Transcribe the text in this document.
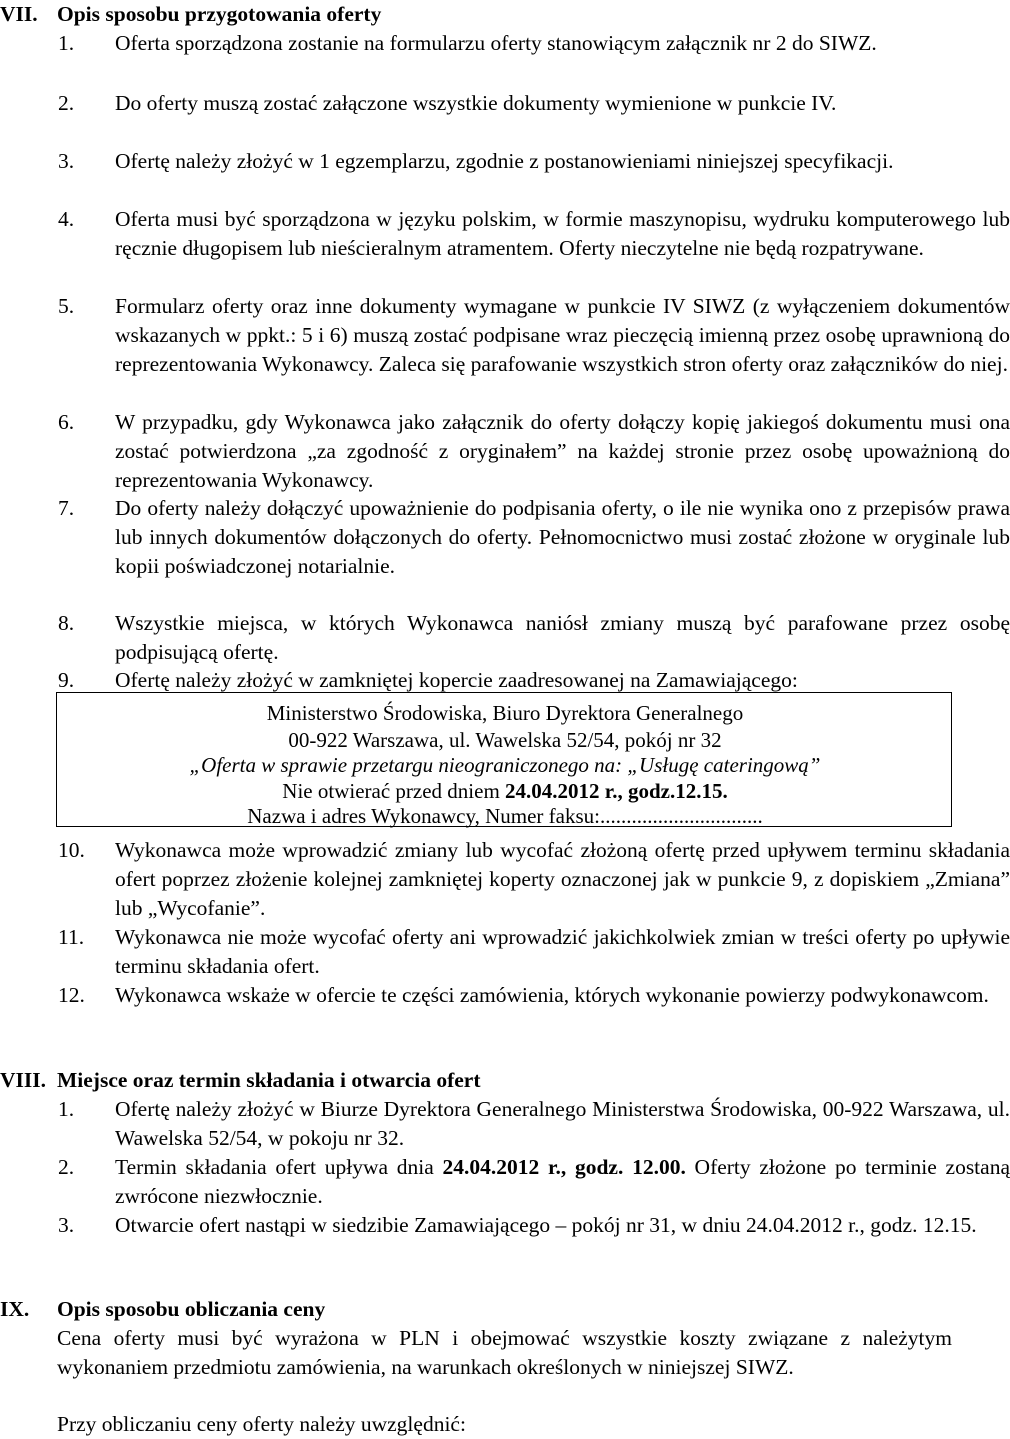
VII. Opis sposobu przygotowania oferty
1. Oferta sporządzona zostanie na formularzu oferty stanowiącym załącznik nr 2 do SIWZ.
2. Do oferty muszą zostać załączone wszystkie dokumenty wymienione w punkcie IV.
3. Ofertę należy złożyć w 1 egzemplarzu, zgodnie z postanowieniami niniejszej specyfikacji.
4. Oferta musi być sporządzona w języku polskim, w formie maszynopisu, wydruku komputerowego lub ręcznie długopisem lub nieścieralnym atramentem. Oferty nieczytelne nie będą rozpatrywane.
5. Formularz oferty oraz inne dokumenty wymagane w punkcie IV SIWZ (z wyłączeniem dokumentów wskazanych w ppkt.: 5 i 6) muszą zostać podpisane wraz pieczęcią imienną przez osobę uprawnioną do reprezentowania Wykonawcy. Zaleca się parafowanie wszystkich stron oferty oraz załączników do niej.
6. W przypadku, gdy Wykonawca jako załącznik do oferty dołączy kopię jakiegoś dokumentu musi ona zostać potwierdzona „za zgodność z oryginałem” na każdej stronie przez osobę upoważnioną do reprezentowania Wykonawcy.
7. Do oferty należy dołączyć upoważnienie do podpisania oferty, o ile nie wynika ono z przepisów prawa lub innych dokumentów dołączonych do oferty. Pełnomocnictwo musi zostać złożone w oryginale lub kopii poświadczonej notarialnie.
8. Wszystkie miejsca, w których Wykonawca naniósł zmiany muszą być parafowane przez osobę podpisującą ofertę.
9. Ofertę należy złożyć w zamkniętej kopercie zaadresowanej na Zamawiającego:
Ministerstwo Środowiska, Biuro Dyrektora Generalnego
00-922 Warszawa, ul. Wawelska 52/54, pokój nr 32
„Oferta w sprawie przetargu nieograniczonego na: „Usługę cateringową”
Nie otwierać przed dniem 24.04.2012 r., godz.12.15.
Nazwa i adres Wykonawcy, Numer faksu:...............................
10. Wykonawca może wprowadzić zmiany lub wycofać złożoną ofertę przed upływem terminu składania ofert poprzez złożenie kolejnej zamkniętej koperty oznaczonej jak w punkcie 9, z dopiskiem „Zmiana” lub „Wycofanie”.
11. Wykonawca nie może wycofać oferty ani wprowadzić jakichkolwiek zmian w treści oferty po upływie terminu składania ofert.
12. Wykonawca wskaże w ofercie te części zamówienia, których wykonanie powierzy podwykonawcom.
VIII. Miejsce oraz termin składania i otwarcia ofert
1. Ofertę należy złożyć w Biurze Dyrektora Generalnego Ministerstwa Środowiska, 00-922 Warszawa, ul. Wawelska 52/54, w pokoju nr 32.
2. Termin składania ofert upływa dnia 24.04.2012 r., godz. 12.00. Oferty złożone po terminie zostaną zwrócone niezwłocznie.
3. Otwarcie ofert nastąpi w siedzibie Zamawiającego – pokój nr 31, w dniu 24.04.2012 r., godz. 12.15.
IX. Opis sposobu obliczania ceny
Cena oferty musi być wyrażona w PLN i obejmować wszystkie koszty związane z należytym wykonaniem przedmiotu zamówienia, na warunkach określonych w niniejszej SIWZ.
Przy obliczaniu ceny oferty należy uwzględnić:
